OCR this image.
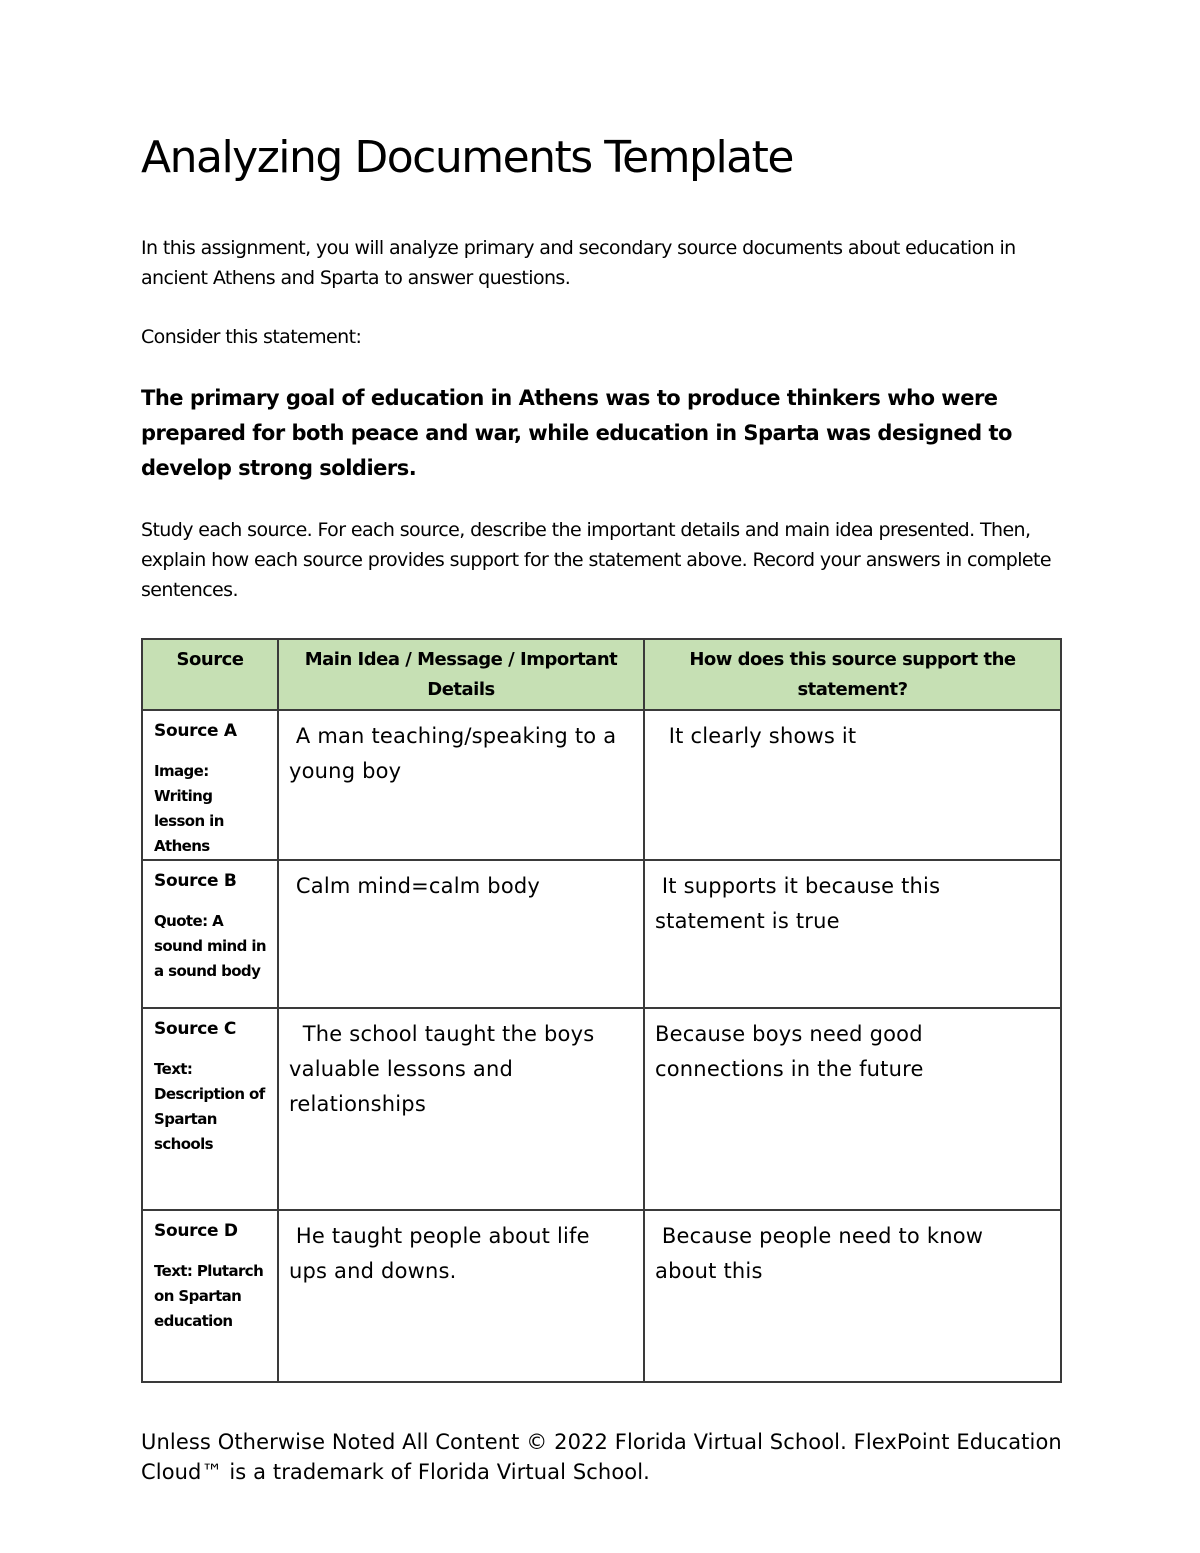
Analyzing Documents Template

In this assignment, you will analyze primary and secondary source documents about education in ancient Athens and Sparta to answer questions.

Consider this statement:

The primary goal of education in Athens was to produce thinkers who were prepared for both peace and war, while education in Sparta was designed to develop strong soldiers.

Study each source. For each source, describe the important details and main idea presented. Then, explain how each source provides support for the statement above. Record your answers in complete sentences.

Source	Main Idea / Message / Important Details	How does this source support the statement?

Source A
Image: Writing lesson in Athens	A man teaching/speaking to a young boy	It clearly shows it

Source B
Quote: A sound mind in a sound body	Calm mind=calm body	It supports it because this statement is true

Source C
Text: Description of Spartan schools	The school taught the boys valuable lessons and relationships	Because boys need good connections in the future

Source D
Text: Plutarch on Spartan education	He taught people about life ups and downs.	Because people need to know about this

Unless Otherwise Noted All Content © 2022 Florida Virtual School. FlexPoint Education Cloud™ is a trademark of Florida Virtual School.
